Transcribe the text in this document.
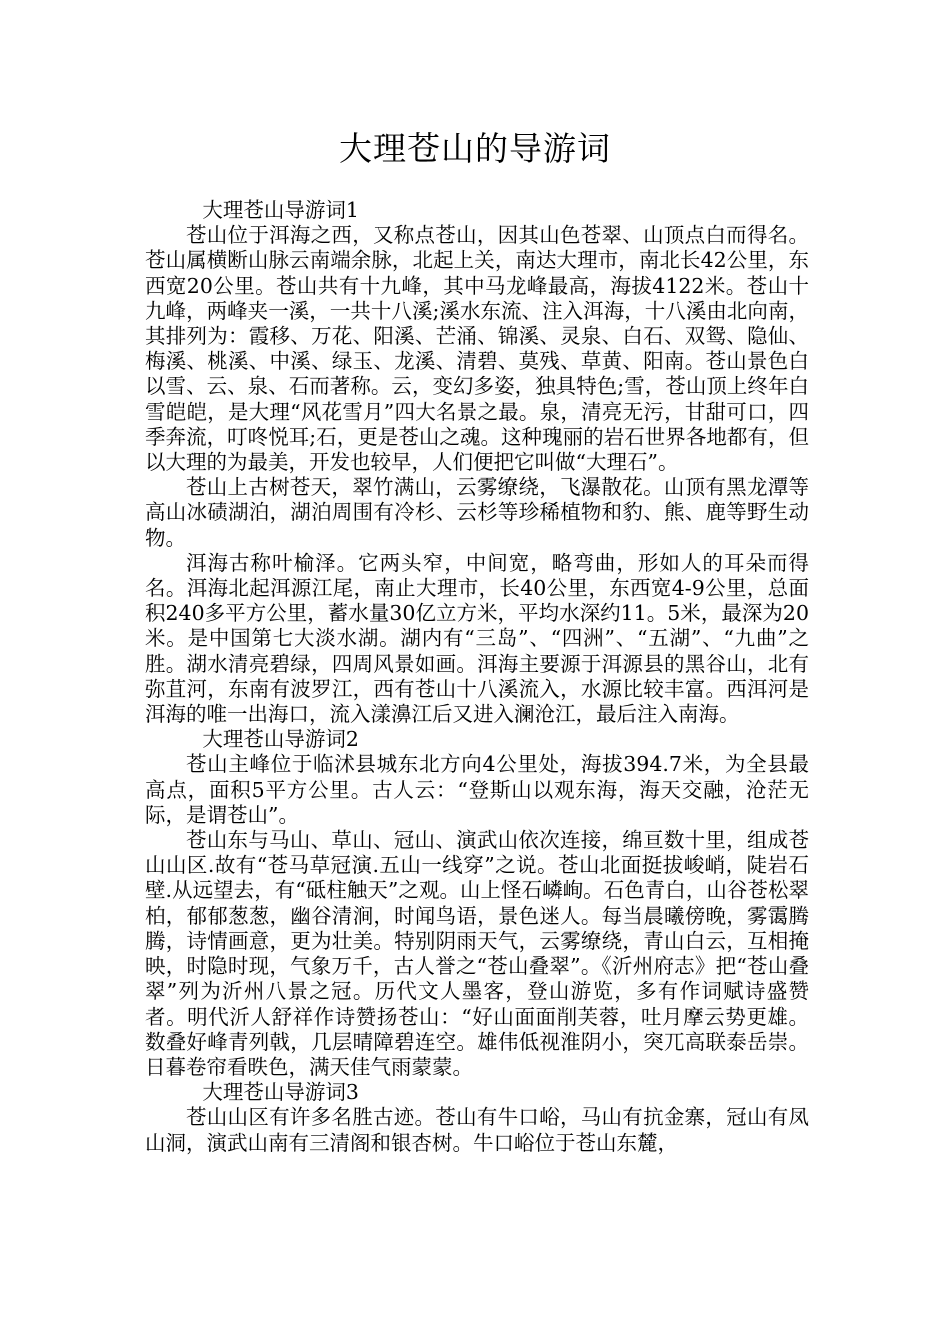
大理苍山的导游词

大理苍山导游词1

苍山位于洱海之西，又称点苍山，因其山色苍翠、山顶点白而得名。苍山属横断山脉云南端余脉，北起上关，南达大理市，南北长42公里，东西宽20公里。苍山共有十九峰，其中马龙峰最高，海拔4122米。苍山十九峰，两峰夹一溪，一共十八溪;溪水东流、注入洱海，十八溪由北向南，其排列为：霞移、万花、阳溪、芒涌、锦溪、灵泉、白石、双鸳、隐仙、梅溪、桃溪、中溪、绿玉、龙溪、清碧、莫残、草黄、阳南。苍山景色白以雪、云、泉、石而著称。云，变幻多姿，独具特色;雪，苍山顶上终年白雪皑皑，是大理“风花雪月”四大名景之最。泉，清亮无污，甘甜可口，四季奔流，叮咚悦耳;石，更是苍山之魂。这种瑰丽的岩石世界各地都有，但以大理的为最美，开发也较早，人们便把它叫做“大理石”。

苍山上古树苍天，翠竹满山，云雾缭绕，飞瀑散花。山顶有黑龙潭等高山冰碛湖泊，湖泊周围有冷杉、云杉等珍稀植物和豹、熊、鹿等野生动物。

洱海古称叶榆泽。它两头窄，中间宽，略弯曲，形如人的耳朵而得名。洱海北起洱源江尾，南止大理市，长40公里，东西宽4-9公里，总面积240多平方公里，蓄水量30亿立方米，平均水深约11。5米，最深为20米。是中国第七大淡水湖。湖内有“三岛”、“四洲”、“五湖”、“九曲”之胜。湖水清亮碧绿，四周风景如画。洱海主要源于洱源县的黑谷山，北有弥苴河，东南有波罗江，西有苍山十八溪流入，水源比较丰富。西洱河是洱海的唯一出海口，流入漾濞江后又进入澜沧江，最后注入南海。

大理苍山导游词2

苍山主峰位于临沭县城东北方向4公里处，海拔394.7米，为全县最高点，面积5平方公里。古人云：“登斯山以观东海，海天交融，沧茫无际，是谓苍山”。

苍山东与马山、草山、冠山、演武山依次连接，绵亘数十里，组成苍山山区.故有“苍马草冠演.五山一线穿”之说。苍山北面挺拔峻峭，陡岩石壁.从远望去，有“砥柱触天”之观。山上怪石嶙峋。石色青白，山谷苍松翠柏，郁郁葱葱，幽谷清涧，时闻鸟语，景色迷人。每当晨曦傍晚，雾霭腾腾，诗情画意，更为壮美。特别阴雨天气，云雾缭绕，青山白云，互相掩映，时隐时现，气象万千，古人誉之“苍山叠翠”。《沂州府志》把“苍山叠翠”列为沂州八景之冠。历代文人墨客，登山游览，多有作词赋诗盛赞者。明代沂人舒祥作诗赞扬苍山：“好山面面削芙蓉，吐月摩云势更雄。数叠好峰青列戟，几层晴障碧连空。雄伟低视淮阴小，突兀高联泰岳崇。日暮卷帘看昳色，满天佳气雨蒙蒙。

大理苍山导游词3

苍山山区有许多名胜古迹。苍山有牛口峪，马山有抗金寨，冠山有凤山洞，演武山南有三清阁和银杏树。牛口峪位于苍山东麓，
